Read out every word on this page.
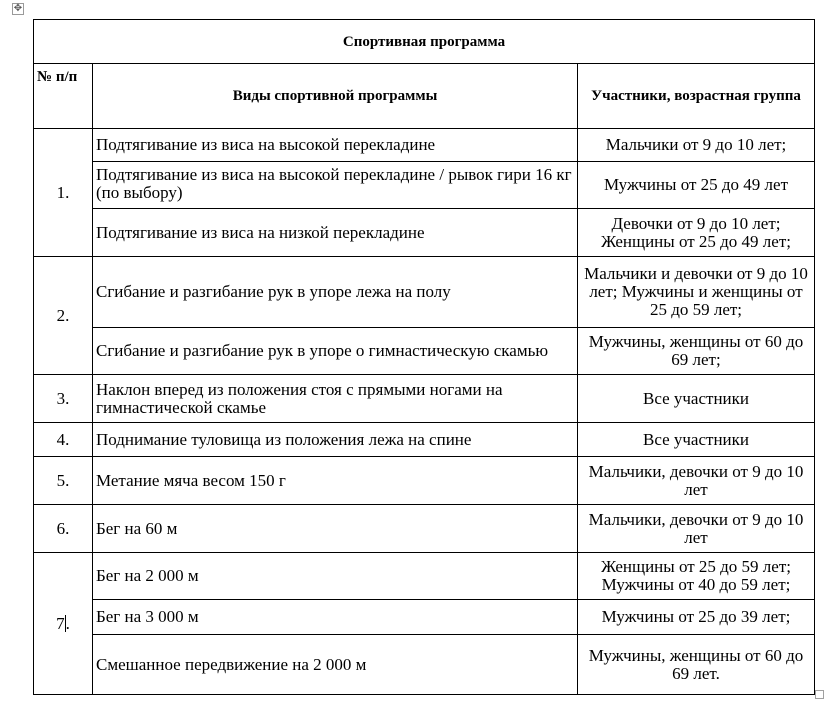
✥
Спортивная программа		
№ п/п	Виды спортивной программы	Участники, возрастная группа
1.	Подтягивание из виса на высокой перекладине	Мальчики от 9 до 10 лет;
	Подтягивание из виса на высокой перекладине / рывок гири 16 кг (по выбору)	Мужчины от 25 до 49 лет
	Подтягивание из виса на низкой перекладине	Девочки от 9 до 10 лет; Женщины от 25 до 49 лет;
2.	Сгибание и разгибание рук в упоре лежа на полу	Мальчики и девочки от 9 до 10 лет; Мужчины и женщины от 25 до 59 лет;
	Сгибание и разгибание рук в упоре о гимнастическую скамью	Мужчины, женщины от 60 до 69 лет;
3.	Наклон вперед из положения стоя с прямыми ногами на гимнастической скамье	Все участники
4.	Поднимание туловища из положения лежа на спине	Все участники
5.	Метание мяча весом 150 г	Мальчики, девочки от 9 до 10 лет
6.	Бег на 60 м	Мальчики, девочки от 9 до 10 лет
7.	Бег на 2 000 м	Женщины от 25 до 59 лет; Мужчины от 40 до 59 лет;
	Бег на 3 000 м	Мужчины от 25 до 39 лет;
	Смешанное передвижение на 2 000 м	Мужчины, женщины от 60 до 69 лет.
